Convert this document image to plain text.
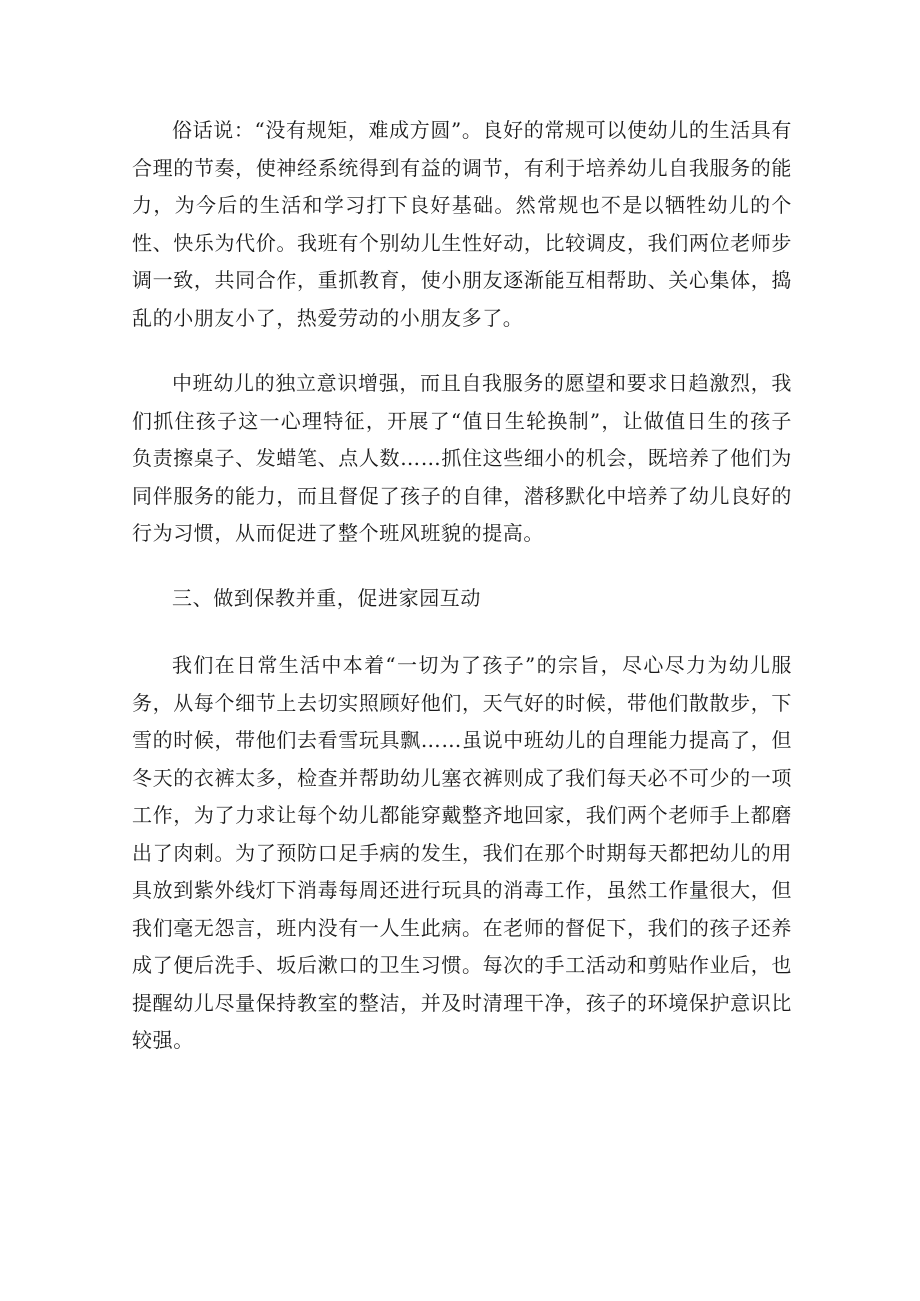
俗话说：“没有规矩，难成方圆”。良好的常规可以使幼儿的生活具有合理的节奏，使神经系统得到有益的调节，有利于培养幼儿自我服务的能力，为今后的生活和学习打下良好基础。然常规也不是以牺牲幼儿的个性、快乐为代价。我班有个别幼儿生性好动，比较调皮，我们两位老师步调一致，共同合作，重抓教育，使小朋友逐渐能互相帮助、关心集体，捣乱的小朋友小了，热爱劳动的小朋友多了。

中班幼儿的独立意识增强，而且自我服务的愿望和要求日趋激烈，我们抓住孩子这一心理特征，开展了“值日生轮换制”，让做值日生的孩子负责擦桌子、发蜡笔、点人数……抓住这些细小的机会，既培养了他们为同伴服务的能力，而且督促了孩子的自律，潜移默化中培养了幼儿良好的行为习惯，从而促进了整个班风班貌的提高。

三、做到保教并重，促进家园互动

我们在日常生活中本着“一切为了孩子”的宗旨，尽心尽力为幼儿服务，从每个细节上去切实照顾好他们，天气好的时候，带他们散散步，下雪的时候，带他们去看雪玩具飘……虽说中班幼儿的自理能力提高了，但冬天的衣裤太多，检查并帮助幼儿塞衣裤则成了我们每天必不可少的一项工作，为了力求让每个幼儿都能穿戴整齐地回家，我们两个老师手上都磨出了肉刺。为了预防口足手病的发生，我们在那个时期每天都把幼儿的用具放到紫外线灯下消毒每周还进行玩具的消毒工作，虽然工作量很大，但我们毫无怨言，班内没有一人生此病。在老师的督促下，我们的孩子还养成了便后洗手、坂后漱口的卫生习惯。每次的手工活动和剪贴作业后，也提醒幼儿尽量保持教室的整洁，并及时清理干净，孩子的环境保护意识比较强。
